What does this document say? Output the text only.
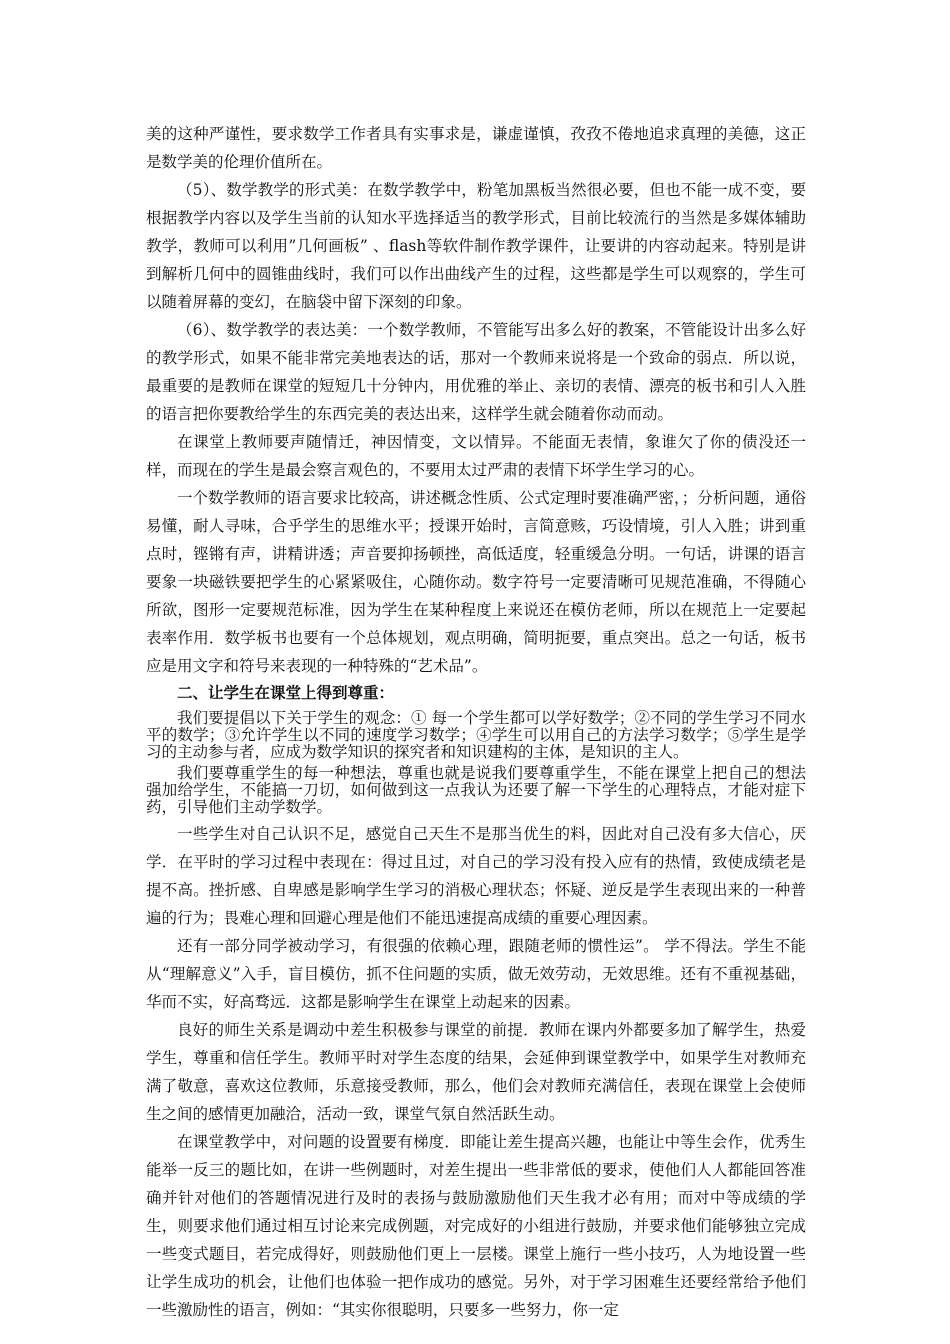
美的这种严谨性，要求数学工作者具有实事求是，谦虚谨慎，孜孜不倦地追求真理的美德，这正是数学美的伦理价值所在。

（5）、数学教学的形式美：在数学教学中，粉笔加黑板当然很必要，但也不能一成不变，要根据教学内容以及学生当前的认知水平选择适当的教学形式，目前比较流行的当然是多媒体辅助教学，教师可以利用”几何画板” 、flash等软件制作教学课件，让要讲的内容动起来。特别是讲到解析几何中的圆锥曲线时，我们可以作出曲线产生的过程，这些都是学生可以观察的，学生可以随着屏幕的变幻，在脑袋中留下深刻的印象。

（6）、数学教学的表达美：一个数学教师，不管能写出多么好的教案，不管能设计出多么好的教学形式，如果不能非常完美地表达的话，那对一个教师来说将是一个致命的弱点．所以说，最重要的是教师在课堂的短短几十分钟内，用优雅的举止、亲切的表情、漂亮的板书和引人入胜的语言把你要教给学生的东西完美的表达出来，这样学生就会随着你动而动。

在课堂上教师要声随情迁，神因情变，文以情异。不能面无表情，象谁欠了你的债没还一样，而现在的学生是最会察言观色的，不要用太过严肃的表情下坏学生学习的心。

一个数学教师的语言要求比较高，讲述概念性质、公式定理时要准确严密，；分析问题，通俗易懂，耐人寻味，合乎学生的思维水平；授课开始时，言简意赅，巧设情境，引人入胜；讲到重点时，铿锵有声，讲精讲透；声音要抑扬顿挫，高低适度，轻重缓急分明。一句话，讲课的语言要象一块磁铁要把学生的心紧紧吸住，心随你动。数字符号一定要清晰可见规范准确，不得随心所欲，图形一定要规范标准，因为学生在某种程度上来说还在模仿老师，所以在规范上一定要起表率作用．数学板书也要有一个总体规划，观点明确，简明扼要，重点突出。总之一句话，板书应是用文字和符号来表现的一种特殊的“艺术品”。

二、让学生在课堂上得到尊重：

我们要提倡以下关于学生的观念：① 每一个学生都可以学好数学；②不同的学生学习不同水平的数学；③允许学生以不同的速度学习数学；④学生可以用自己的方法学习数学；⑤学生是学习的主动参与者，应成为数学知识的探究者和知识建构的主体，是知识的主人。

我们要尊重学生的每一种想法，尊重也就是说我们要尊重学生，不能在课堂上把自己的想法强加给学生，不能搞一刀切，如何做到这一点我认为还要了解一下学生的心理特点，才能对症下药，引导他们主动学数学。

一些学生对自己认识不足，感觉自己天生不是那当优生的料，因此对自己没有多大信心，厌学．在平时的学习过程中表现在：得过且过，对自己的学习没有投入应有的热情，致使成绩老是提不高。挫折感、自卑感是影响学生学习的消极心理状态；怀疑、逆反是学生表现出来的一种普遍的行为；畏难心理和回避心理是他们不能迅速提高成绩的重要心理因素。

还有一部分同学被动学习，有很强的依赖心理，跟随老师的惯性运”。 学不得法。学生不能从“理解意义”入手，盲目模仿，抓不住问题的实质，做无效劳动，无效思维。还有不重视基础，华而不实，好高骛远．这都是影响学生在课堂上动起来的因素。

良好的师生关系是调动中差生积极参与课堂的前提．教师在课内外都要多加了解学生，热爱学生，尊重和信任学生。教师平时对学生态度的结果，会延伸到课堂教学中，如果学生对教师充满了敬意，喜欢这位教师，乐意接受教师，那么，他们会对教师充满信任，表现在课堂上会使师生之间的感情更加融洽，活动一致，课堂气氛自然活跃生动。

在课堂教学中，对问题的设置要有梯度．即能让差生提高兴趣，也能让中等生会作，优秀生能举一反三的题比如，在讲一些例题时，对差生提出一些非常低的要求，使他们人人都能回答准确并针对他们的答题情况进行及时的表扬与鼓励激励他们天生我才必有用；而对中等成绩的学生，则要求他们通过相互讨论来完成例题，对完成好的小组进行鼓励，并要求他们能够独立完成一些变式题目，若完成得好，则鼓励他们更上一层楼。课堂上施行一些小技巧，人为地设置一些让学生成功的机会，让他们也体验一把作成功的感觉。另外，对于学习困难生还要经常给予他们一些激励性的语言，例如：“其实你很聪明，只要多一些努力，你一定
